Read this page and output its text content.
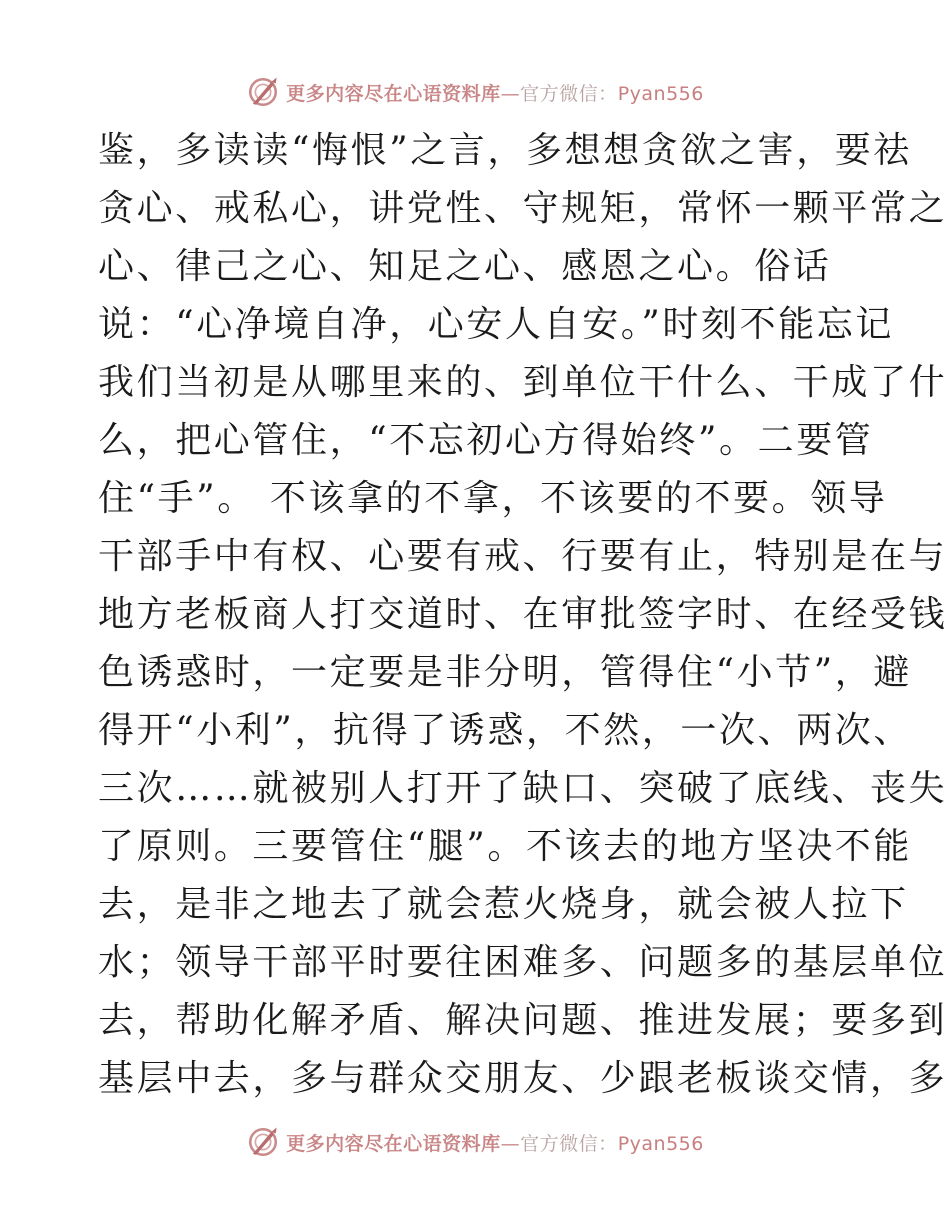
更多内容尽在心语资料库—官方微信：Pyan556
鉴，多读读“悔恨”之言，多想想贪欲之害，要祛
贪心、戒私心，讲党性、守规矩，常怀一颗平常之
心、律己之心、知足之心、感恩之心。俗话
说：“心净境自净，心安人自安。”时刻不能忘记
我们当初是从哪里来的、到单位干什么、干成了什
么，把心管住，“不忘初心方得始终”。二要管
住“手”。 不该拿的不拿，不该要的不要。领导
干部手中有权、心要有戒、行要有止，特别是在与
地方老板商人打交道时、在审批签字时、在经受钱
色诱惑时，一定要是非分明，管得住“小节”，避
得开“小利”，抗得了诱惑，不然，一次、两次、
三次……就被别人打开了缺口、突破了底线、丧失
了原则。三要管住“腿”。不该去的地方坚决不能
去，是非之地去了就会惹火烧身，就会被人拉下
水；领导干部平时要往困难多、问题多的基层单位
去，帮助化解矛盾、解决问题、推进发展；要多到
基层中去，多与群众交朋友、少跟老板谈交情，多
更多内容尽在心语资料库—官方微信：Pyan556
